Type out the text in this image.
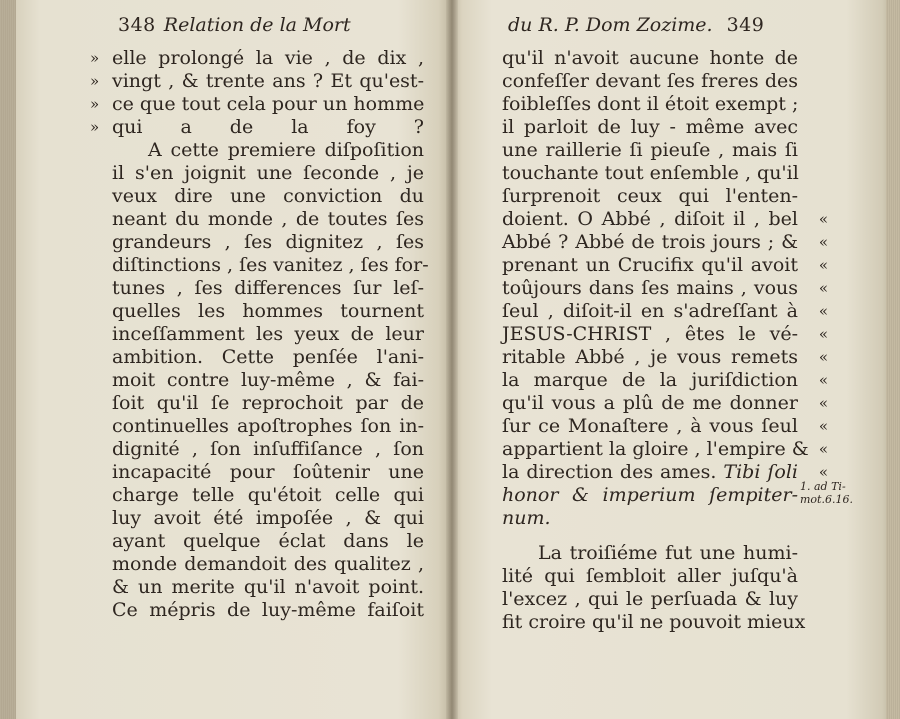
348 Relation de la Mort
elle prolongé la vie , de dix ,
»
vingt , & trente ans ? Et qu'est-
»
ce que tout cela pour un homme
»
qui a de la foy ?
»
A cette premiere diſpoſition
il s'en joignit une ſeconde , je
veux dire une conviction du
neant du monde , de toutes ſes
grandeurs , ſes dignitez , ſes
diſtinctions , ſes vanitez , ſes for-
tunes , ſes differences ſur leſ-
quelles les hommes tournent
inceſſamment les yeux de leur
ambition. Cette penſée l'ani-
moit contre luy-même , & fai-
ſoit qu'il ſe reprochoit par de
continuelles apoſtrophes ſon in-
dignité , ſon inſuffiſance , ſon
incapacité pour ſoûtenir une
charge telle qu'étoit celle qui
luy avoit été impoſée , & qui
ayant quelque éclat dans le
monde demandoit des qualitez ,
& un merite qu'il n'avoit point.
Ce mépris de luy-même faiſoit
du R. P. Dom Zozime. 349
qu'il n'avoit aucune honte de
confeſſer devant ſes freres des
foibleſſes dont il étoit exempt ;
il parloit de luy - même avec
une raillerie ſi pieuſe , mais ſi
touchante tout enſemble , qu'il
ſurprenoit ceux qui l'enten-
doient. O Abbé , diſoit il , bel «
Abbé ? Abbé de trois jours ; & «
prenant un Crucifix qu'il avoit «
toûjours dans ſes mains , vous «
ſeul , diſoit-il en s'adreſſant à «
JESUS-CHRIST , êtes le vé- «
ritable Abbé , je vous remets «
la marque de la juriſdiction «
qu'il vous a plû de me donner «
ſur ce Monaſtere , à vous ſeul «
appartient la gloire , l'empire & «
la direction des ames. Tibi ſoli «
honor & imperium ſempiter-
num.
La troiſiéme fut une humi-
lité qui ſembloit aller juſqu'à
l'excez , qui le perſuada & luy
fit croire qu'il ne pouvoit mieux
1. ad Ti-
mot.6.16.
